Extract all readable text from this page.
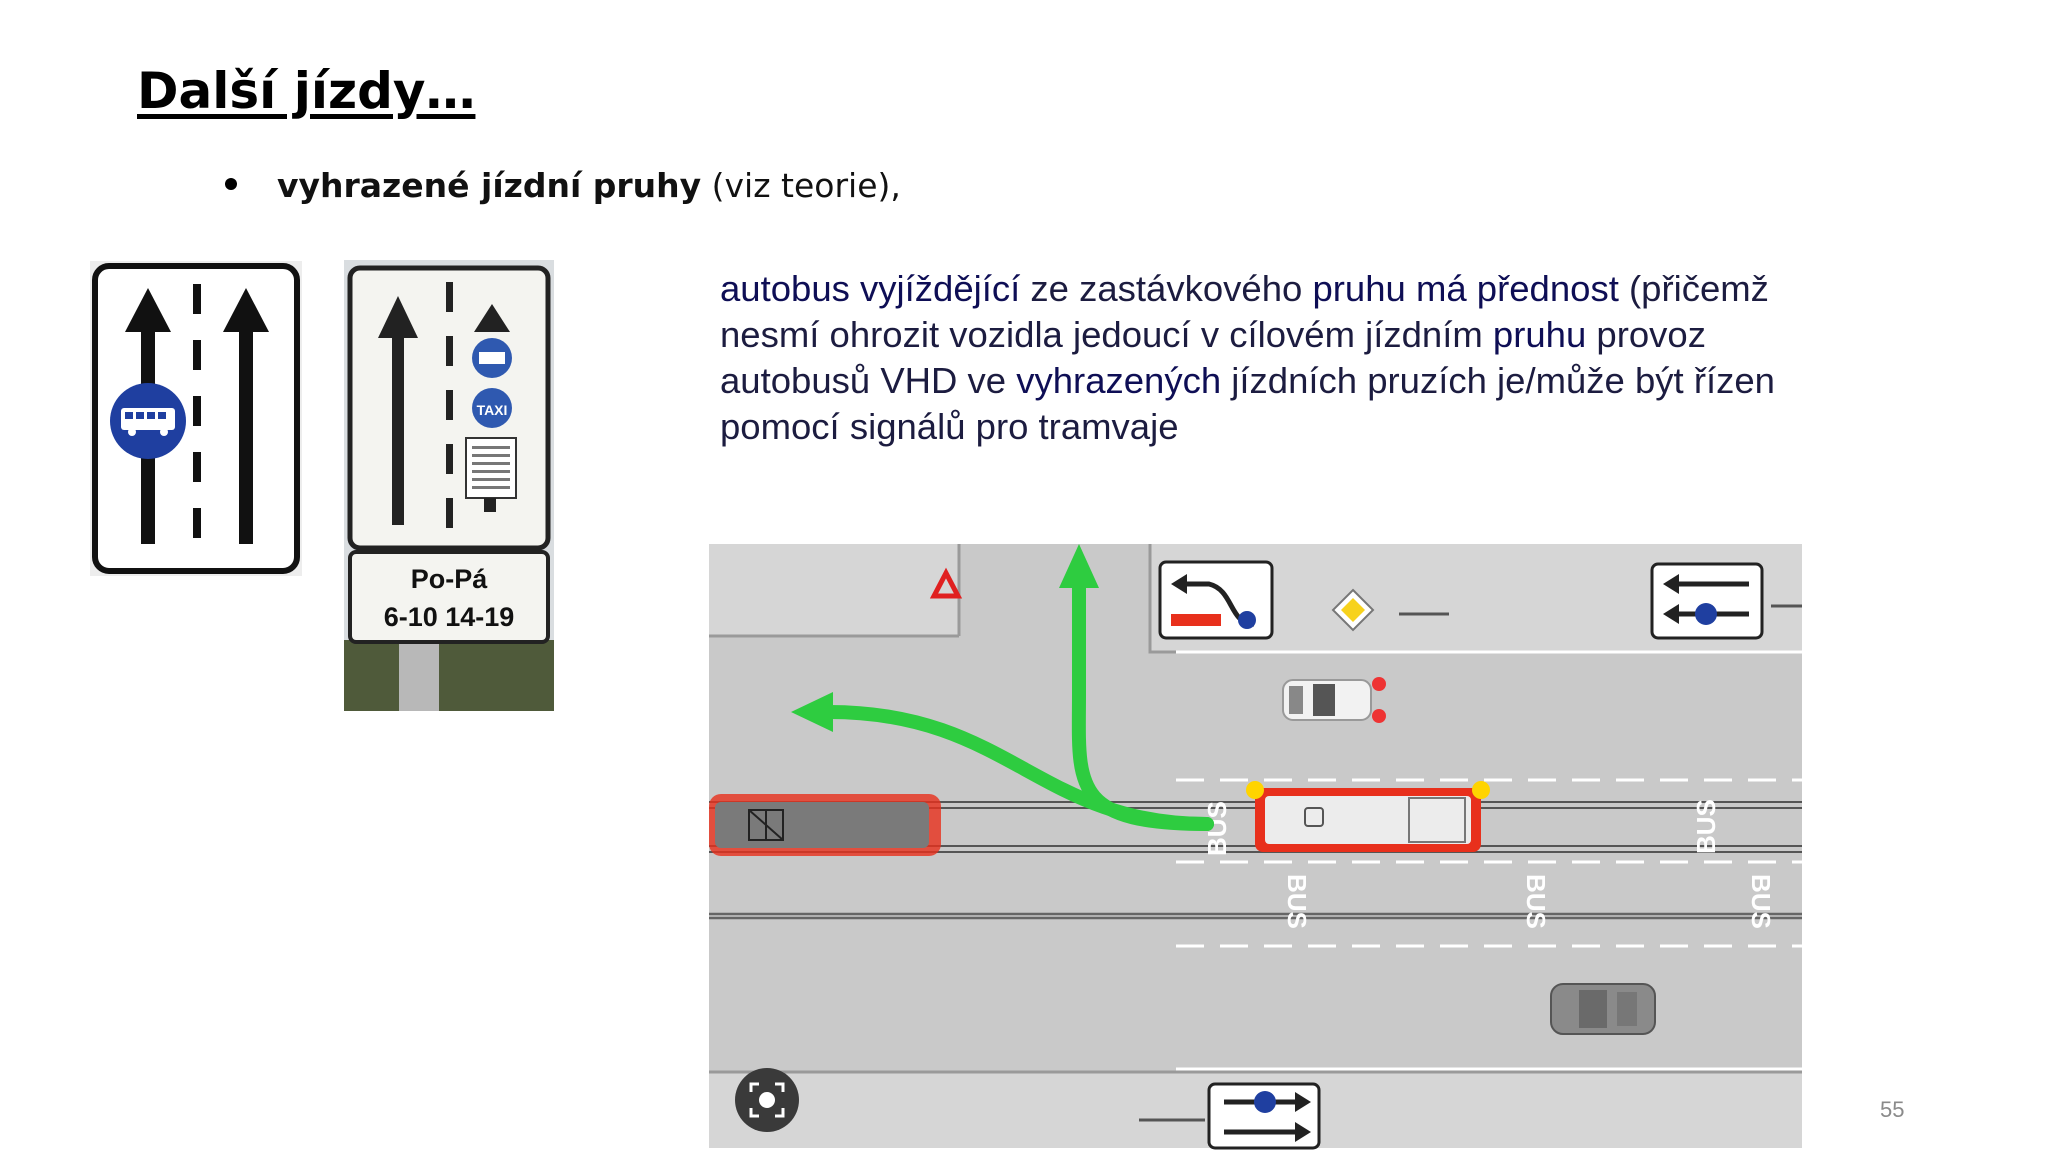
Další jízdy…
vyhrazené jízdní pruhy (viz teorie),
TAXI
Po-Pá
6-10 14-19
autobus vyjíždějící ze zastávkového pruhu má přednost (přičemž
nesmí ohrozit vozidla jedoucí v cílovém jízdním pruhu provoz
autobusů VHD ve vyhrazených jízdních pruzích je/může být řízen
pomocí signálů pro tramvaje
BUS	BUS	BUS
BUS	BUS	BUS
55
